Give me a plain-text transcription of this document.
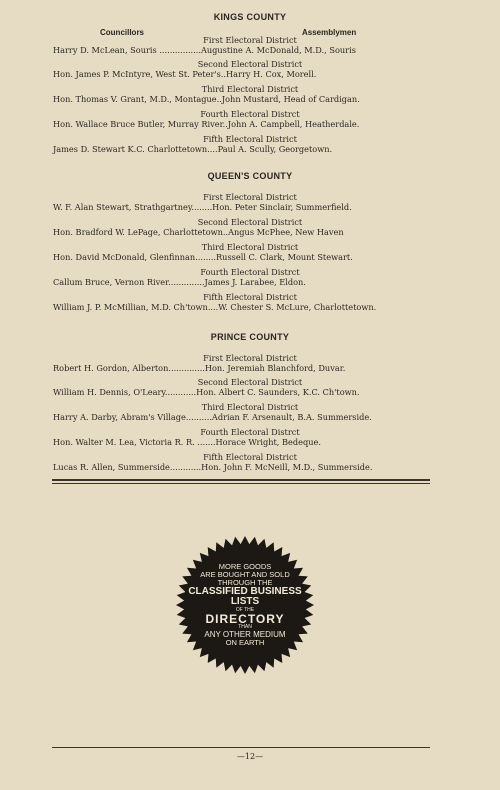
KINGS COUNTY
Councillors	Assemblymen
First Electoral District
Harry D. McLean, Souris ................Augustine A. McDonald, M.D., Souris
Second Electoral District
Hon. James P. McIntyre, West St. Peter's..Harry H. Cox, Morell.
Third Electoral District
Hon. Thomas V. Grant, M.D., Montague..John Mustard, Head of Cardigan.
Fourth Electoral Distrct
Hon. Wallace Bruce Butler, Murray River..John A. Campbell, Heatherdale.
Fifth Electoral District
James D. Stewart K.C. Charlottetown....Paul A. Scully, Georgetown.
QUEEN'S COUNTY
First Electoral District
W. F. Alan Stewart, Strathgartney........Hon. Peter Sinclair, Summerfield.
Second Electoral District
Hon. Bradford W. LePage, Charlottetown..Angus McPhee, New Haven
Third Electoral District
Hon. David McDonald, Glenfinnan........Russell C. Clark, Mount Stewart.
Fourth Electoral Distrct
Callum Bruce, Vernon River..............James J. Larabee, Eldon.
Fifth Electoral District
William J. P. McMillian, M.D. Ch'town....W. Chester S. McLure, Charlottetown.
PRINCE COUNTY
First Electoral District
Robert H. Gordon, Alberton..............Hon. Jeremiah Blanchford, Duvar.
Second Electoral District
William H. Dennis, O'Leary............Hon. Albert C. Saunders, K.C. Ch'town.
Third Electoral District
Harry A. Darby, Abram's Village..........Adrian F. Arsenault, B.A. Summerside.
Fourth Electoral Distrct
Hon. Walter M. Lea, Victoria R. R. .......Horace Wright, Bedeque.
Fifth Electoral District
Lucas R. Allen, Summerside............Hon. John F. McNeill, M.D., Summerside.
MORE GOODS
ARE BOUGHT AND SOLD
THROUGH THE
CLASSIFIED BUSINESS LISTS
OF THE
DIRECTORY
THAN
ANY OTHER MEDIUM
ON EARTH
—12—
